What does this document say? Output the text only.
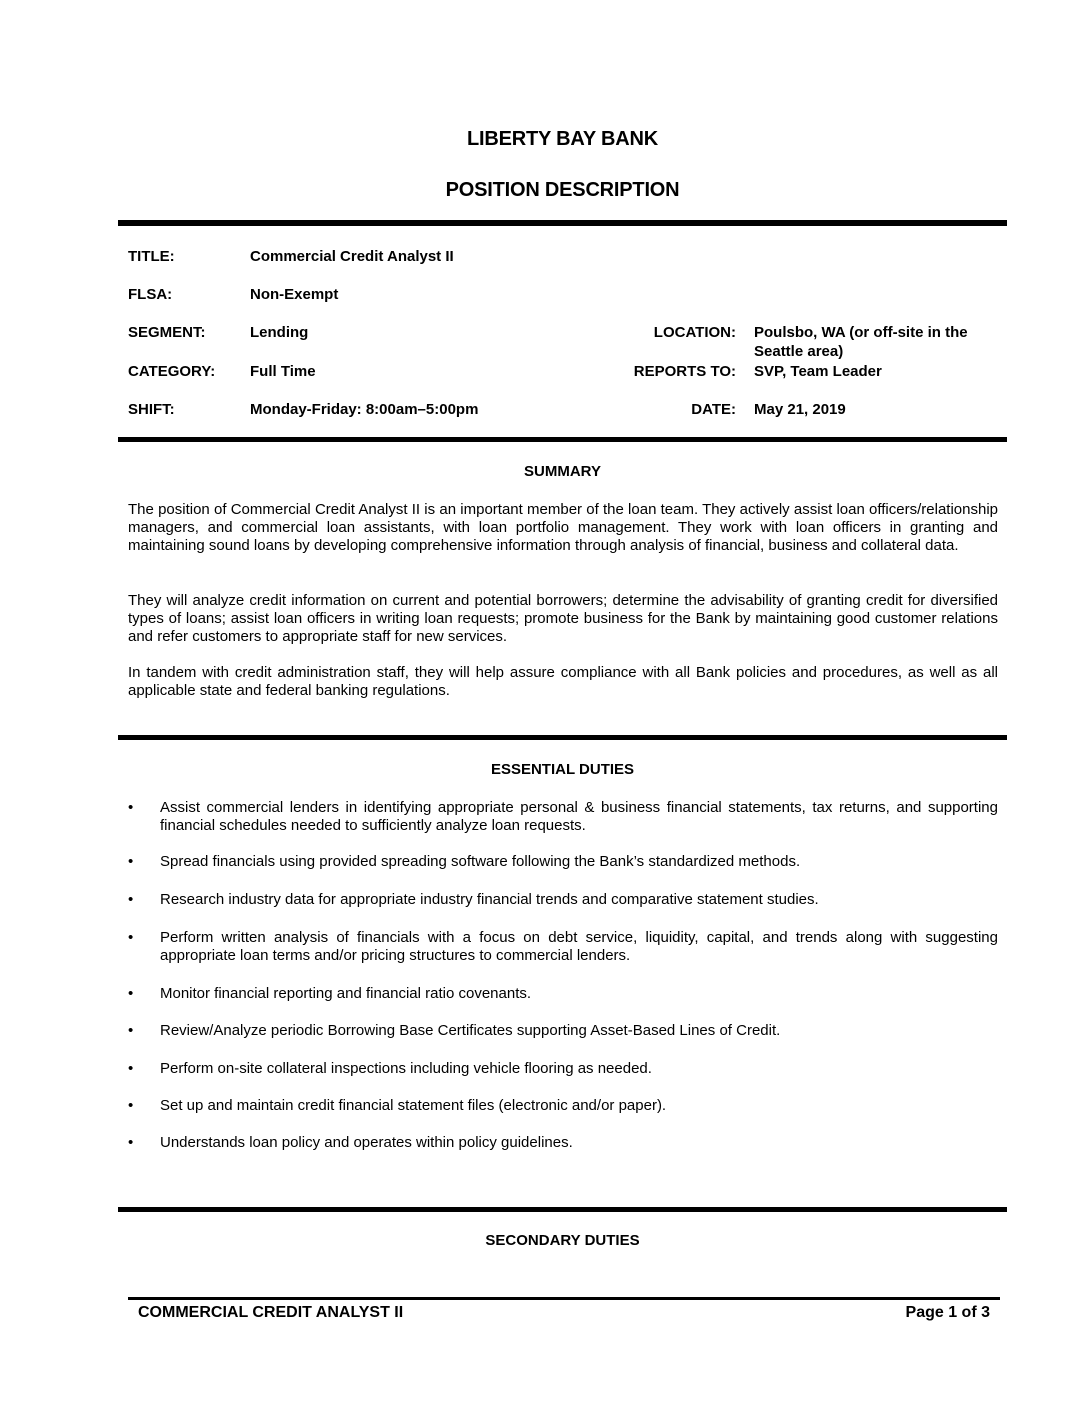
LIBERTY BAY BANK
POSITION DESCRIPTION
TITLE:	Commercial Credit Analyst II
FLSA:	Non-Exempt
SEGMENT:	Lending	LOCATION: Poulsbo, WA (or off-site in the Seattle area)
CATEGORY: Full Time	REPORTS TO: SVP, Team Leader
SHIFT:	Monday-Friday: 8:00am–5:00pm	DATE: May 21, 2019
SUMMARY

The position of Commercial Credit Analyst II is an important member of the loan team. They actively assist loan officers/relationship managers, and commercial loan assistants, with loan portfolio management. They work with loan officers in granting and maintaining sound loans by developing comprehensive information through analysis of financial, business and collateral data.

They will analyze credit information on current and potential borrowers; determine the advisability of granting credit for diversified types of loans; assist loan officers in writing loan requests; promote business for the Bank by maintaining good customer relations and refer customers to appropriate staff for new services.

In tandem with credit administration staff, they will help assure compliance with all Bank policies and procedures, as well as all applicable state and federal banking regulations.

ESSENTIAL DUTIES
•	Assist commercial lenders in identifying appropriate personal & business financial statements, tax returns, and supporting financial schedules needed to sufficiently analyze loan requests.
•	Spread financials using provided spreading software following the Bank’s standardized methods.
•	Research industry data for appropriate industry financial trends and comparative statement studies.
•	Perform written analysis of financials with a focus on debt service, liquidity, capital, and trends along with suggesting appropriate loan terms and/or pricing structures to commercial lenders.
•	Monitor financial reporting and financial ratio covenants.
•	Review/Analyze periodic Borrowing Base Certificates supporting Asset-Based Lines of Credit.
•	Perform on-site collateral inspections including vehicle flooring as needed.
•	Set up and maintain credit financial statement files (electronic and/or paper).
•	Understands loan policy and operates within policy guidelines.
SECONDARY DUTIES
COMMERCIAL CREDIT ANALYST II	Page 1 of 3
